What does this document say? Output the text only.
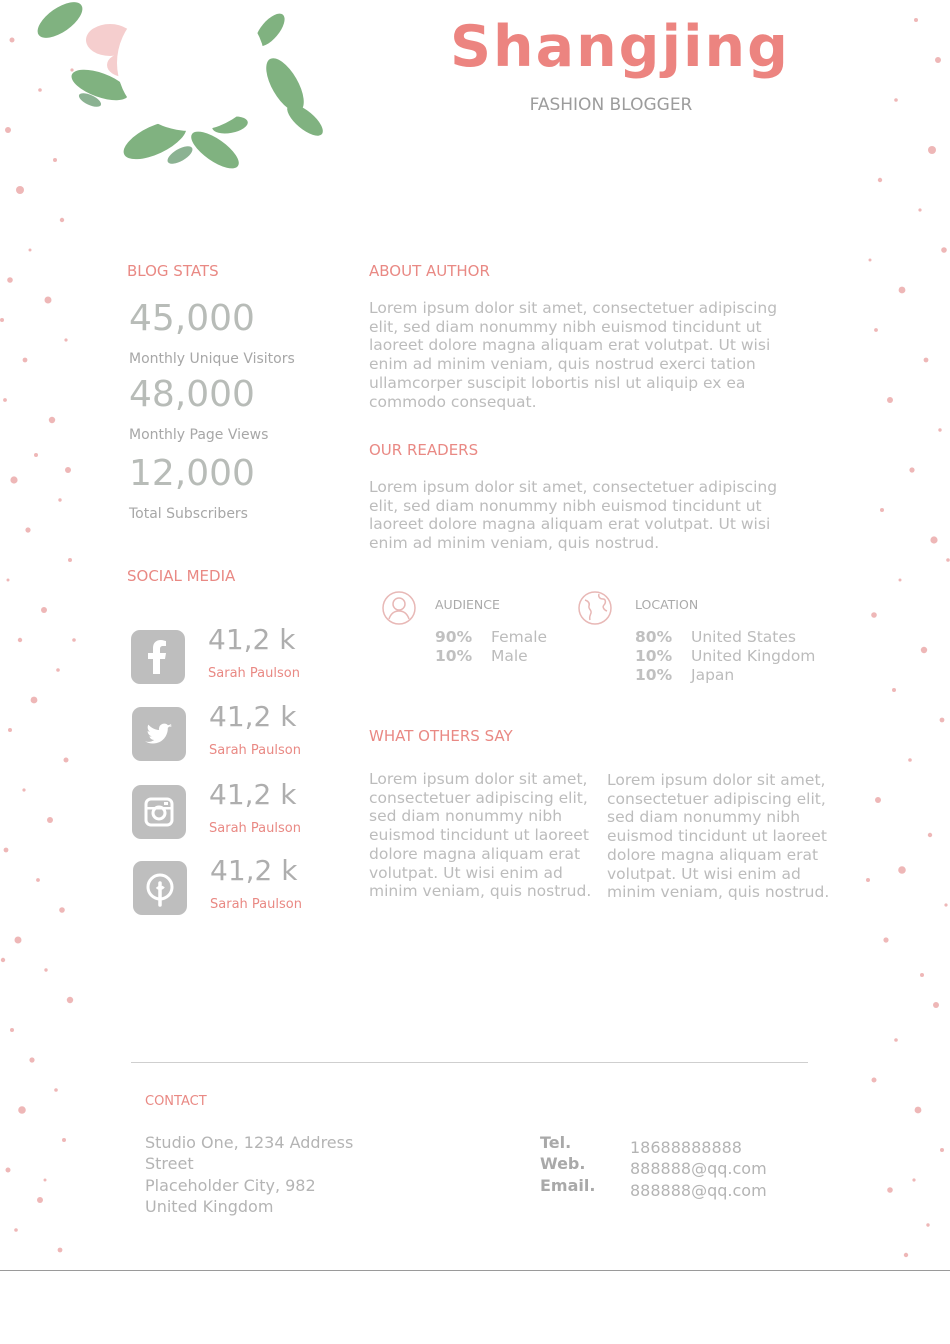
Shangjing
FASHION BLOGGER
BLOG STATS
45,000
Monthly Unique Visitors
48,000
Monthly Page Views
12,000
Total Subscribers
SOCIAL MEDIA
41,2 k
Sarah Paulson
41,2 k
Sarah Paulson
41,2 k
Sarah Paulson
41,2 k
Sarah Paulson
ABOUT AUTHOR
Lorem ipsum dolor sit amet, consectetuer adipiscing elit, sed diam nonummy nibh euismod tincidunt ut laoreet dolore magna aliquam erat volutpat. Ut wisi enim ad minim veniam, quis nostrud exerci tation ullamcorper suscipit lobortis nisl ut aliquip ex ea commodo consequat.
OUR READERS
Lorem ipsum dolor sit amet, consectetuer adipiscing elit, sed diam nonummy nibh euismod tincidunt ut laoreet dolore magna aliquam erat volutpat. Ut wisi enim ad minim veniam, quis nostrud.
AUDIENCE
90% Female
10% Male
LOCATION
80% United States
10% United Kingdom
10% Japan
WHAT OTHERS SAY
Lorem ipsum dolor sit amet, consectetuer adipiscing elit, sed diam nonummy nibh euismod tincidunt ut laoreet dolore magna aliquam erat volutpat. Ut wisi enim ad minim veniam, quis nostrud.
Lorem ipsum dolor sit amet, consectetuer adipiscing elit, sed diam nonummy nibh euismod tincidunt ut laoreet dolore magna aliquam erat volutpat. Ut wisi enim ad minim veniam, quis nostrud.
CONTACT
Studio One, 1234 Address
Street
Placeholder City, 982
United Kingdom
Tel.
Web.
Email.
18688888888
888888@qq.com
888888@qq.com
